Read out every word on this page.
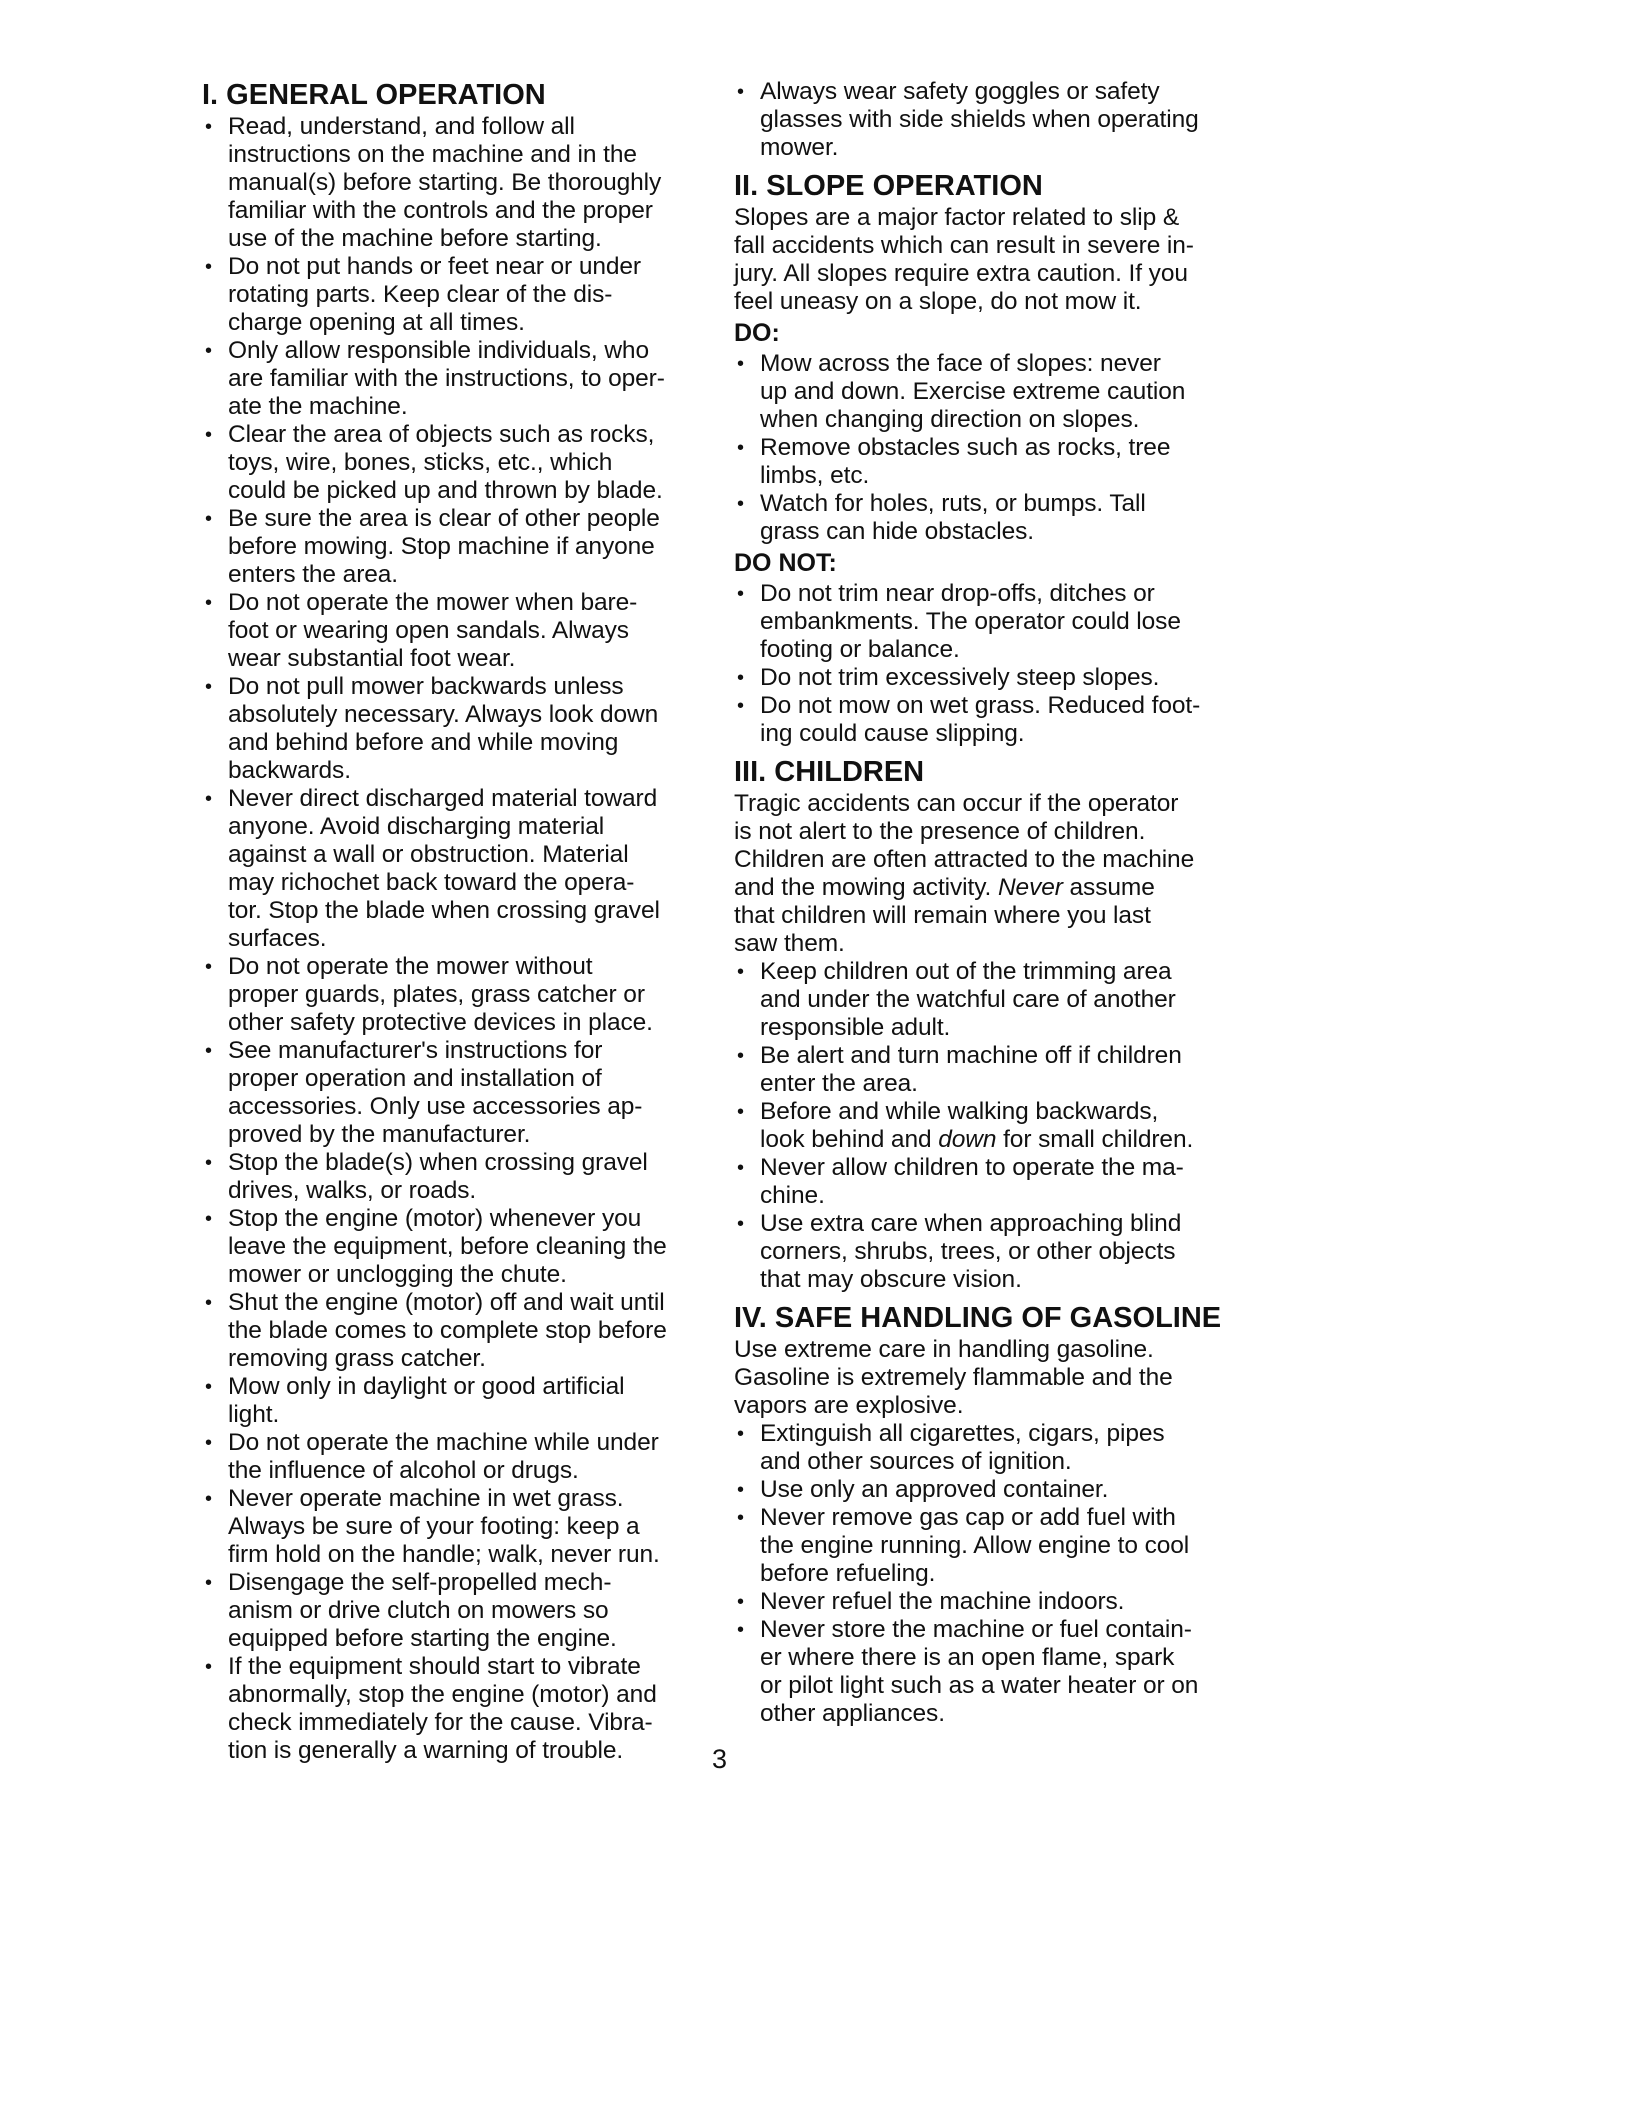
I. GENERAL OPERATION
• Read, understand, and follow all
instructions on the machine and in the
manual(s) before starting. Be thoroughly
familiar with the controls and the proper
use of the machine before starting.
• Do not put hands or feet near or under
rotating parts. Keep clear of the dis-
charge opening at all times.
• Only allow responsible individuals, who
are familiar with the instructions, to oper-
ate the machine.
• Clear the area of objects such as rocks,
toys, wire, bones, sticks, etc., which
could be picked up and thrown by blade.
• Be sure the area is clear of other people
before mowing. Stop machine if anyone
enters the area.
• Do not operate the mower when bare-
foot or wearing open sandals. Always
wear substantial foot wear.
• Do not pull mower backwards unless
absolutely necessary. Always look down
and behind before and while moving
backwards.
• Never direct discharged material toward
anyone. Avoid discharging material
against a wall or obstruction. Material
may richochet back toward the opera-
tor. Stop the blade when crossing gravel
surfaces.
• Do not operate the mower without
proper guards, plates, grass catcher or
other safety protective devices in place.
• See manufacturer's instructions for
proper operation and installation of
accessories. Only use accessories ap-
proved by the manufacturer.
• Stop the blade(s) when crossing gravel
drives, walks, or roads.
• Stop the engine (motor) whenever you
leave the equipment, before cleaning the
mower or unclogging the chute.
• Shut the engine (motor) off and wait until
the blade comes to complete stop before
removing grass catcher.
• Mow only in daylight or good artificial
light.
• Do not operate the machine while under
the influence of alcohol or drugs.
• Never operate machine in wet grass.
Always be sure of your footing: keep a
firm hold on the handle; walk, never run.
• Disengage the self-propelled mech-
anism or drive clutch on mowers so
equipped before starting the engine.
• If the equipment should start to vibrate
abnormally, stop the engine (motor) and
check immediately for the cause. Vibra-
tion is generally a warning of trouble.
• Always wear safety goggles or safety
glasses with side shields when operating
mower.
II. SLOPE OPERATION
Slopes are a major factor related to slip &
fall accidents which can result in severe in-
jury. All slopes require extra caution. If you
feel uneasy on a slope, do not mow it.
DO:
• Mow across the face of slopes: never
up and down. Exercise extreme caution
when changing direction on slopes.
• Remove obstacles such as rocks, tree
limbs, etc.
• Watch for holes, ruts, or bumps. Tall
grass can hide obstacles.
DO NOT:
• Do not trim near drop-offs, ditches or
embankments. The operator could lose
footing or balance.
• Do not trim excessively steep slopes.
• Do not mow on wet grass. Reduced foot-
ing could cause slipping.
III. CHILDREN
Tragic accidents can occur if the operator
is not alert to the presence of children.
Children are often attracted to the machine
and the mowing activity. Never assume
that children will remain where you last
saw them.
• Keep children out of the trimming area
and under the watchful care of another
responsible adult.
• Be alert and turn machine off if children
enter the area.
• Before and while walking backwards,
look behind and down for small children.
• Never allow children to operate the ma-
chine.
• Use extra care when approaching blind
corners, shrubs, trees, or other objects
that may obscure vision.
IV. SAFE HANDLING OF GASOLINE
Use extreme care in handling gasoline.
Gasoline is extremely flammable and the
vapors are explosive.
• Extinguish all cigarettes, cigars, pipes
and other sources of ignition.
• Use only an approved container.
• Never remove gas cap or add fuel with
the engine running. Allow engine to cool
before refueling.
• Never refuel the machine indoors.
• Never store the machine or fuel contain-
er where there is an open flame, spark
or pilot light such as a water heater or on
other appliances.
3
